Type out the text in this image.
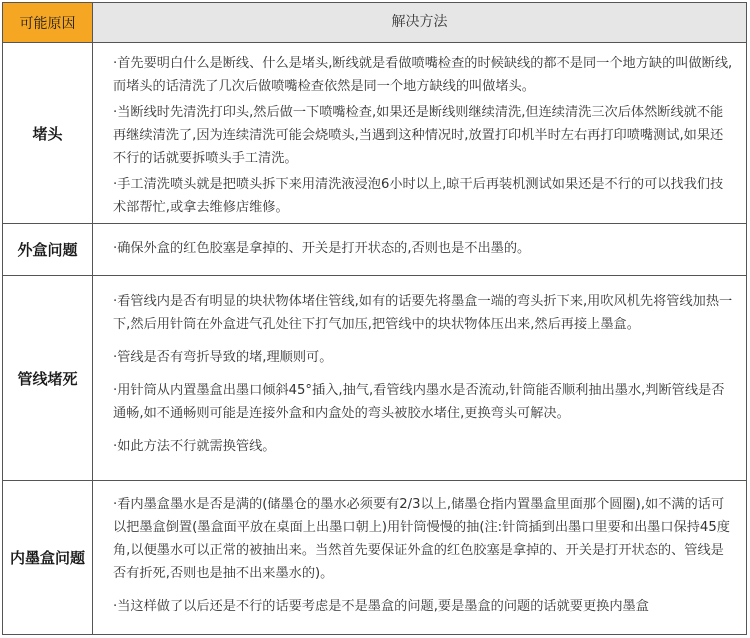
可能原因	解决方法
堵头

·首先要明白什么是断线、什么是堵头,断线就是看做喷嘴检查的时候缺线的都不是同一个地方缺的叫做断线,而堵头的话清洗了几次后做喷嘴检查依然是同一个地方缺线的叫做堵头。

·当断线时先清洗打印头,然后做一下喷嘴检查,如果还是断线则继续清洗,但连续清洗三次后体然断线就不能再继续清洗了,因为连续清洗可能会烧喷头,当遇到这种情况时,放置打印机半时左右再打印喷嘴测试,如果还不行的话就要拆喷头手工清洗。

·手工清洗喷头就是把喷头拆下来用清洗液浸泡6小时以上,晾干后再装机测试如果还是不行的可以找我们技术部帮忙,或拿去维修店维修。

外盒问题	·确保外盒的红色胶塞是拿掉的、开关是打开状态的,否则也是不出墨的。

管线堵死

·看管线内是否有明显的块状物体堵住管线,如有的话要先将墨盒一端的弯头折下来,用吹风机先将管线加热一下,然后用针筒在外盒进气孔处往下打气加压,把管线中的块状物体压出来,然后再接上墨盒。

·管线是否有弯折导致的堵,理顺则可。

·用针筒从内置墨盒出墨口倾斜45°插入,抽气,看管线内墨水是否流动,针筒能否顺利抽出墨水,判断管线是否通畅,如不通畅则可能是连接外盒和内盒处的弯头被胶水堵住,更换弯头可解决。

·如此方法不行就需换管线。

内墨盒问题

·看内墨盒墨水是否是满的(储墨仓的墨水必须要有2/3以上,储墨仓指内置墨盒里面那个圆圈),如不满的话可以把墨盒倒置(墨盒面平放在桌面上出墨口朝上)用针筒慢慢的抽(注:针筒插到出墨口里要和出墨口保持45度角,以便墨水可以正常的被抽出来。当然首先要保证外盒的红色胶塞是拿掉的、开关是打开状态的、管线是否有折死,否则也是抽不出来墨水的)。

·当这样做了以后还是不行的话要考虑是不是墨盒的问题,要是墨盒的问题的话就要更换内墨盒
